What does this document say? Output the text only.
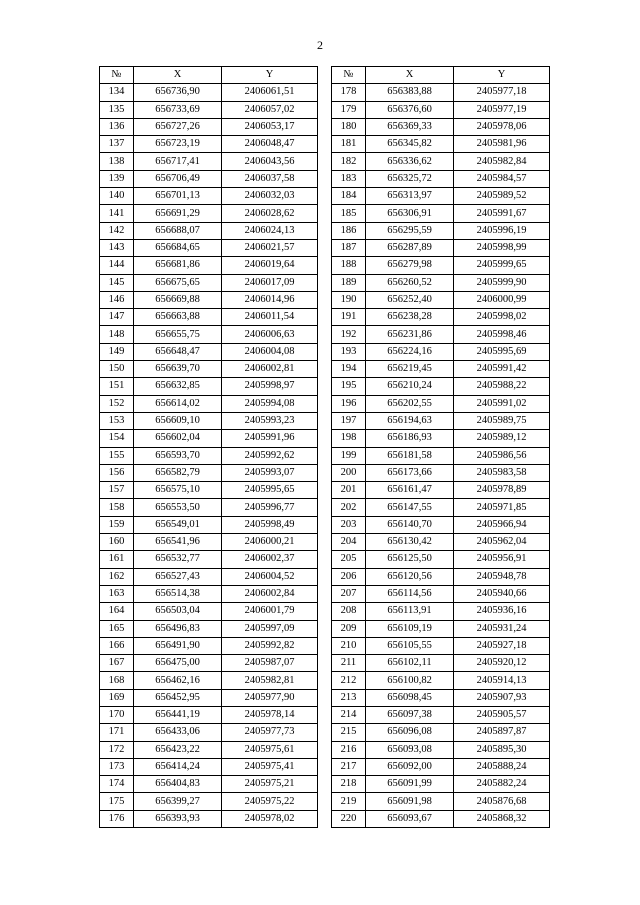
2
№	X	Y
134	656736,90	2406061,51
135	656733,69	2406057,02
136	656727,26	2406053,17
137	656723,19	2406048,47
138	656717,41	2406043,56
139	656706,49	2406037,58
140	656701,13	2406032,03
141	656691,29	2406028,62
142	656688,07	2406024,13
143	656684,65	2406021,57
144	656681,86	2406019,64
145	656675,65	2406017,09
146	656669,88	2406014,96
147	656663,88	2406011,54
148	656655,75	2406006,63
149	656648,47	2406004,08
150	656639,70	2406002,81
151	656632,85	2405998,97
152	656614,02	2405994,08
153	656609,10	2405993,23
154	656602,04	2405991,96
155	656593,70	2405992,62
156	656582,79	2405993,07
157	656575,10	2405995,65
158	656553,50	2405996,77
159	656549,01	2405998,49
160	656541,96	2406000,21
161	656532,77	2406002,37
162	656527,43	2406004,52
163	656514,38	2406002,84
164	656503,04	2406001,79
165	656496,83	2405997,09
166	656491,90	2405992,82
167	656475,00	2405987,07
168	656462,16	2405982,81
169	656452,95	2405977,90
170	656441,19	2405978,14
171	656433,06	2405977,73
172	656423,22	2405975,61
173	656414,24	2405975,41
174	656404,83	2405975,21
175	656399,27	2405975,22
176	656393,93	2405978,02
№	X	Y
178	656383,88	2405977,18
179	656376,60	2405977,19
180	656369,33	2405978,06
181	656345,82	2405981,96
182	656336,62	2405982,84
183	656325,72	2405984,57
184	656313,97	2405989,52
185	656306,91	2405991,67
186	656295,59	2405996,19
187	656287,89	2405998,99
188	656279,98	2405999,65
189	656260,52	2405999,90
190	656252,40	2406000,99
191	656238,28	2405998,02
192	656231,86	2405998,46
193	656224,16	2405995,69
194	656219,45	2405991,42
195	656210,24	2405988,22
196	656202,55	2405991,02
197	656194,63	2405989,75
198	656186,93	2405989,12
199	656181,58	2405986,56
200	656173,66	2405983,58
201	656161,47	2405978,89
202	656147,55	2405971,85
203	656140,70	2405966,94
204	656130,42	2405962,04
205	656125,50	2405956,91
206	656120,56	2405948,78
207	656114,56	2405940,66
208	656113,91	2405936,16
209	656109,19	2405931,24
210	656105,55	2405927,18
211	656102,11	2405920,12
212	656100,82	2405914,13
213	656098,45	2405907,93
214	656097,38	2405905,57
215	656096,08	2405897,87
216	656093,08	2405895,30
217	656092,00	2405888,24
218	656091,99	2405882,24
219	656091,98	2405876,68
220	656093,67	2405868,32
